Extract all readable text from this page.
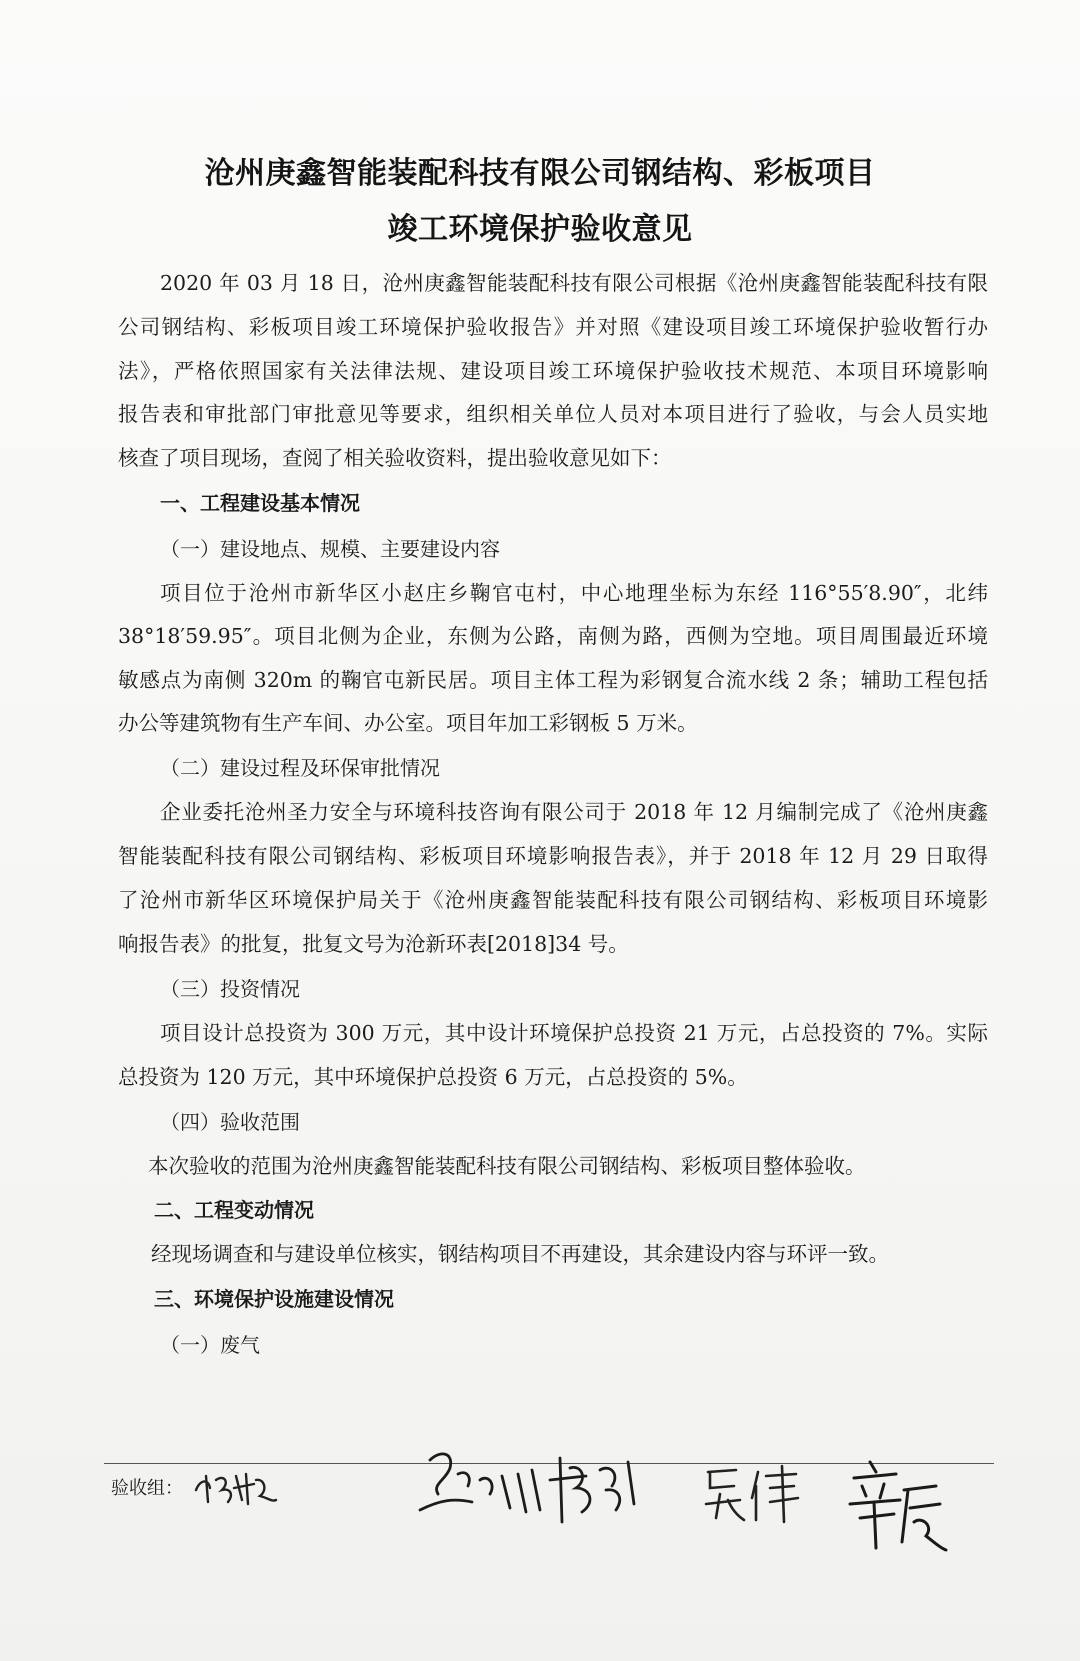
沧州庚鑫智能装配科技有限公司钢结构、彩板项目
竣工环境保护验收意见
2020 年 03 月 18 日，沧州庚鑫智能装配科技有限公司根据《沧州庚鑫智能装配科技有限
公司钢结构、彩板项目竣工环境保护验收报告》并对照《建设项目竣工环境保护验收暂行办
法》，严格依照国家有关法律法规、建设项目竣工环境保护验收技术规范、本项目环境影响
报告表和审批部门审批意见等要求，组织相关单位人员对本项目进行了验收，与会人员实地
核查了项目现场，查阅了相关验收资料，提出验收意见如下：
一、工程建设基本情况
（一）建设地点、规模、主要建设内容
项目位于沧州市新华区小赵庄乡鞠官屯村，中心地理坐标为东经 116°55′8.90″，北纬
38°18′59.95″。项目北侧为企业，东侧为公路，南侧为路，西侧为空地。项目周围最近环境
敏感点为南侧 320m 的鞠官屯新民居。项目主体工程为彩钢复合流水线 2 条；辅助工程包括
办公等建筑物有生产车间、办公室。项目年加工彩钢板 5 万米。
（二）建设过程及环保审批情况
企业委托沧州圣力安全与环境科技咨询有限公司于 2018 年 12 月编制完成了《沧州庚鑫
智能装配科技有限公司钢结构、彩板项目环境影响报告表》，并于 2018 年 12 月 29 日取得
了沧州市新华区环境保护局关于《沧州庚鑫智能装配科技有限公司钢结构、彩板项目环境影
响报告表》的批复，批复文号为沧新环表[2018]34 号。
（三）投资情况
项目设计总投资为 300 万元，其中设计环境保护总投资 21 万元，占总投资的 7%。实际
总投资为 120 万元，其中环境保护总投资 6 万元，占总投资的 5%。
（四）验收范围
本次验收的范围为沧州庚鑫智能装配科技有限公司钢结构、彩板项目整体验收。
二、工程变动情况
经现场调查和与建设单位核实，钢结构项目不再建设，其余建设内容与环评一致。
三、环境保护设施建设情况
（一）废气
验收组：
